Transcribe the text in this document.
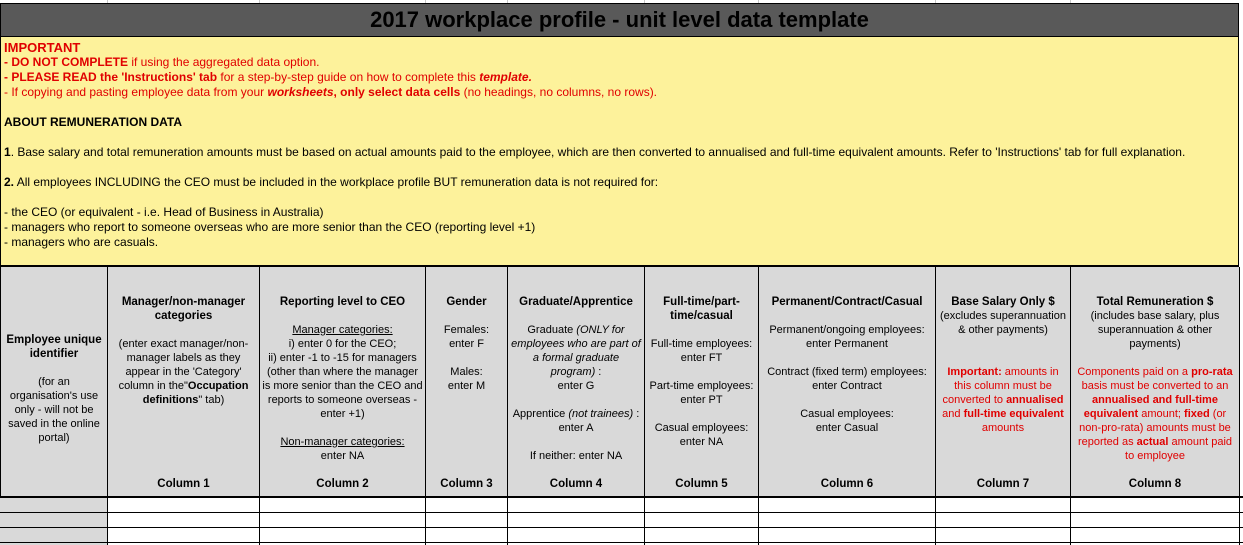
2017 workplace profile - unit level data template
IMPORTANT
- DO NOT COMPLETE if using the aggregated data option.
- PLEASE READ the 'Instructions' tab for a step-by-step guide on how to complete this template.
- If copying and pasting employee data from your worksheets, only select data cells (no headings, no columns, no rows).
ABOUT REMUNERATION DATA
1. Base salary and total remuneration amounts must be based on actual amounts paid to the employee, which are then converted to annualised and full-time equivalent amounts. Refer to 'Instructions' tab for full explanation.
2. All employees INCLUDING the CEO must be included in the workplace profile BUT remuneration data is not required for:
- the CEO (or equivalent - i.e. Head of Business in Australia)
- managers who report to someone overseas who are more senior than the CEO (reporting level +1)
- managers who are casuals.
Employee unique identifier
(for an organisation's use only - will not be saved in the online portal)
Manager/non-manager categories
(enter exact manager/non-manager labels as they appear in the 'Category' column in the"Occupation definitions" tab)
Column 1
Reporting level to CEO
Manager categories:
i) enter 0 for the CEO;
ii) enter -1 to -15 for managers (other than where the manager is more senior than the CEO and reports to someone overseas - enter +1)
Non-manager categories:
enter NA
Column 2
Gender
Females:
enter F
Males:
enter M
Column 3
Graduate/Apprentice
Graduate (ONLY for employees who are part of a formal graduate program) :
enter G
Apprentice (not trainees) :
enter A
If neither: enter NA
Column 4
Full-time/part-time/casual
Full-time employees:
enter FT
Part-time employees:
enter PT
Casual employees:
enter NA
Column 5
Permanent/Contract/Casual
Permanent/ongoing employees:
enter Permanent
Contract (fixed term) employees:
enter Contract
Casual employees:
enter Casual
Column 6
Base Salary Only $
(excludes superannuation & other payments)
Important: amounts in this column must be converted to annualised and full-time equivalent amounts
Column 7
Total Remuneration $
(includes base salary, plus superannuation & other payments)
Components paid on a pro-rata basis must be converted to an annualised and full-time equivalent amount; fixed (or non-pro-rata) amounts must be reported as actual amount paid to employee
Column 8
